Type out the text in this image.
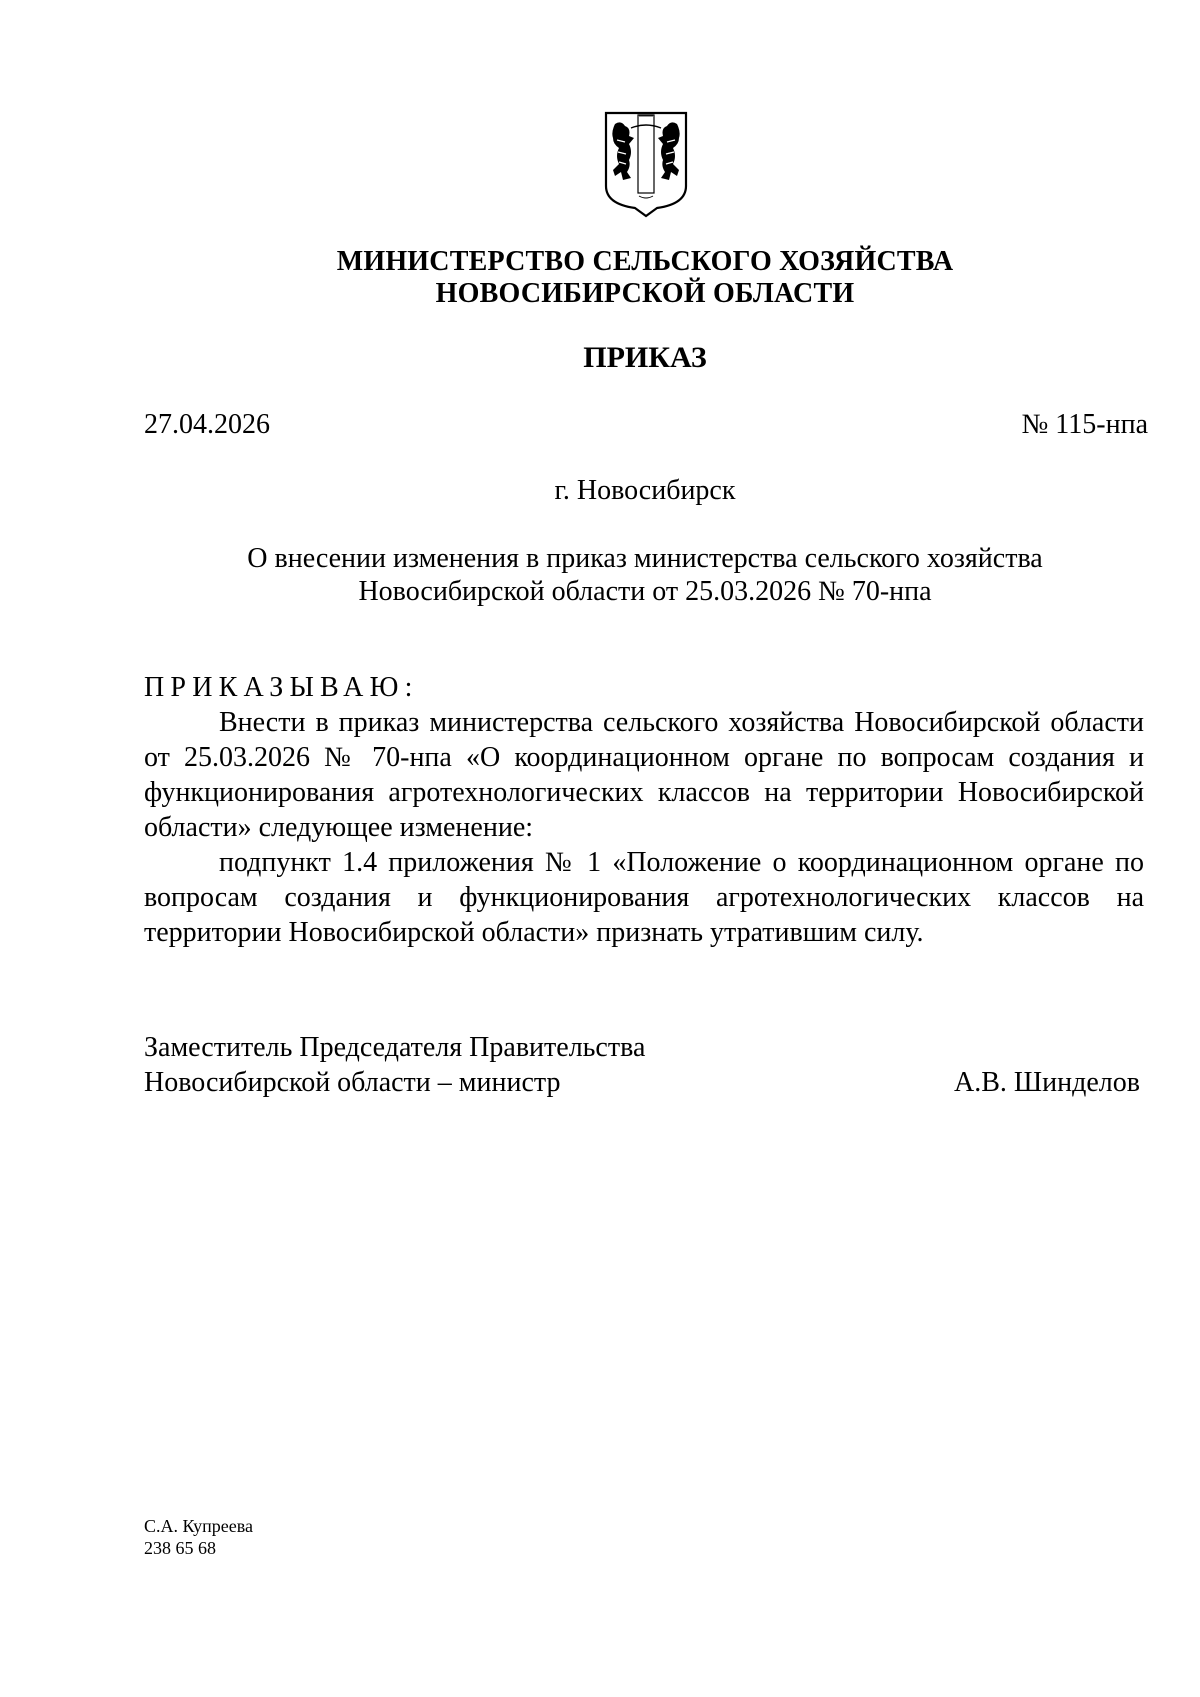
МИНИСТЕРСТВО СЕЛЬСКОГО ХОЗЯЙСТВА
НОВОСИБИРСКОЙ ОБЛАСТИ
ПРИКАЗ
27.04.2026	№ 115-нпа
г. Новосибирск
О внесении изменения в приказ министерства сельского хозяйства
Новосибирской области от 25.03.2026 № 70-нпа
ПРИКАЗЫВАЮ:

Внести в приказ министерства сельского хозяйства Новосибирской области от 25.03.2026 № 70-нпа «О координационном органе по вопросам создания и функционирования агротехнологических классов на территории Новосибирской области» следующее изменение:

подпункт 1.4 приложения № 1 «Положение о координационном органе по вопросам создания и функционирования агротехнологических классов на территории Новосибирской области» признать утратившим силу.

Заместитель Председателя Правительства
Новосибирской области – министр	А.В. Шинделов
С.А. Купреева
238 65 68
